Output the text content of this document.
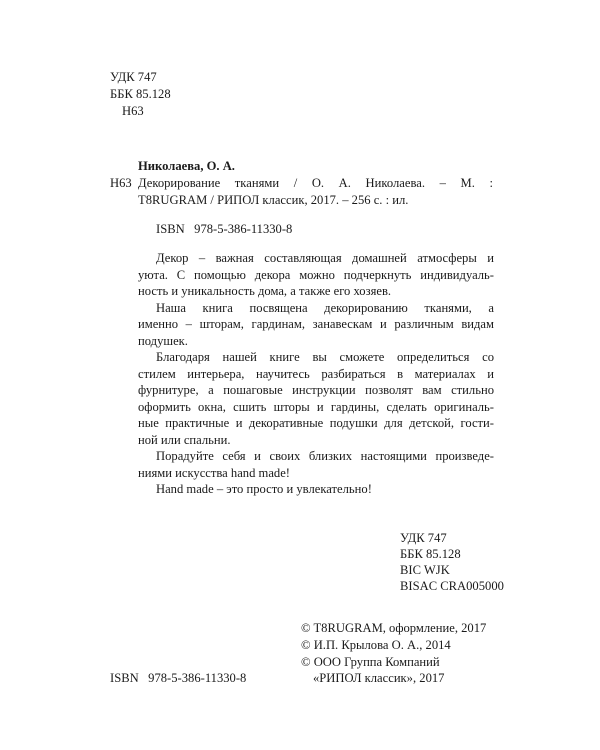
УДК 747
ББК 85.128
Н63
Николаева, О. А.
Н63 Декорирование тканями / О. А. Николаева. – М. :
T8RUGRAM / РИПОЛ классик, 2017. – 256 с. : ил.
ISBN 978-5-386-11330-8

Декор – важная составляющая домашней атмосферы и
уюта. С помощью декора можно подчеркнуть индивидуаль-
ность и уникальность дома, а также его хозяев.
Наша книга посвящена декорированию тканями, а
именно – шторам, гардинам, занавескам и различным видам
подушек.
Благодаря нашей книге вы сможете определиться со
стилем интерьера, научитесь разбираться в материалах и
фурнитуре, а пошаговые инструкции позволят вам стильно
оформить окна, сшить шторы и гардины, сделать оригиналь-
ные практичные и декоративные подушки для детской, гости-
ной или спальни.
Порадуйте себя и своих близких настоящими произведе-
ниями искусства hand made!
Hand made – это просто и увлекательно!

УДК 747
ББК 85.128
BIC WJK
BISAC CRA005000
© T8RUGRAM, оформление, 2017
© И.П. Крылова О. А., 2014
© ООО Группа Компаний
«РИПОЛ классик», 2017
ISBN 978-5-386-11330-8
